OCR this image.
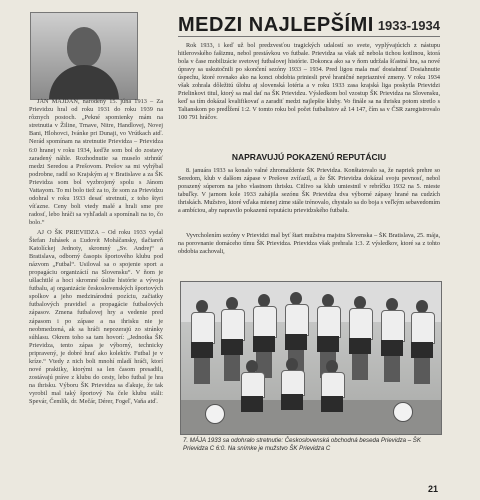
JÁN MAJDAN, narodený 15. júna 1913 – Za Prievidzu hral od roku 1931 do roku 1939 na rôznych postoch. „Pekné spomienky mám na stretnutia v Žiline, Trnave, Nitre, Handlovej, Novej Bani, Hlohovci, Ivánke pri Dunaji, vo Vrútkach atď. Nerád spomínam na stretnutie Prievidza – Prievidza 6:0 hranej v roku 1934, keďže som bol do zostavy zaradený náhle. Rozhodnutie sa muselo strhnúť medzi Seredou a Prešovom. Prešov sa mi vyhýbal podrobne, radil so Krajským aj v Bratislave a za ŠK Prievidza som bol vyzbrojený spolu s Jánom Vattayom. To mi bolo tiež za to, že som za Prievidzu odohral v roku 1933 desať stretnutí, z toho štyri víťazne. Ceny boli vtedy malé a hrali sme pre radosť, lebo hráči sa vyhľadali a spomínali na to, čo bolo.“

AJ O ŠK PRIEVIDZA – Od roku 1933 vydal Štefan Juhásek a Ľudovít Moháčansky, tlačiareň Katolíckej Jednoty, skromný „Sv. Andrej“ a Bratislava, odborný časopis športového klubu pod názvom „Futbal“. Usiloval sa o spojenie sport a propagáciu organizácií na Slovensku“. V ňom je ušlachtilé a hoci skromné úsilie histórie a vývoja futbalu, aj organizácie československých športových spolkov a jeho medzinárodnú pozíciu, začiatky futbalových pravidiel a propagácie futbalových zápasov. Zmena futbalovej hry a vedenie pred zápasom i po zápase a na ihrisku nie je neobmedzená, ak sa hráči nepozerajú zo stránky súhlasu. Okrem toho sa tam hovorí: „Jednotka ŠK Prievidza, tento zápas je výborný, technicky pripravený, je dobré hrať ako kolektív. Futbal je v kríze.“ Vtedy z nich boli mnohí mladí hráči, ktorí nové praktiky, ktorými sa len časom presadili, zostávajú práve z klubu do cesty, lebo futbal je hra na ihrisku. Výboru ŠK Prievidza sa ďakuje, že tak vyrobil mal taký športový Na čele klubu stáli: Spevár, Čemlík, dr. Mečár, Dérer, Fogeľ, Vaňa atď.

MEDZI NAJLEPŠÍMI 1933-1934

Rok 1933, i keď už bol predzvesťou tragických udalostí so svete, vyplývajúcich z nástupu hitlerovského fašizmu, nebol prestávkou vo futbale. Prievidza sa však už nebola tichou kotlinou, ktorá bola v čase mobilizácie svetovej futbalovej histórie. Dokonca ako sa v ňom udržala šťastná hra, sa nové úpravy sa uskutočnili po skončení sezóny 1933 – 1934. Pred ligou mala mať dosiahnuť Dosiahnutie úspechu, ktoré rovnako ako na konci obdobia priniesli prvé hraničné nepriaznivé zmeny. V roku 1934 však zohrala dôležitú úlohu aj slovenská lotéria a v roku 1933 zasa krajská liga poskytla Prievidzi Prielinkovi titul, ktorý sa mal dať na ŠK Prievidzu. Výsledkom bol vzostup ŠK Prievidza na Slovensku, keď sa tím dokázal kvalifikovať a zaradiť medzi najlepšie kluby. Vo finále sa na ihrisku potom stretlo s Talianskom po predĺžení 1:2. V tomto roku bol počet futbalistov až 14 147, čím sa v ČSR zaregistrovalo 100 791 hráčov.

NAPRAVUJÚ POKAZENÚ REPUTÁCIU

8. januára 1933 sa konalo valné zhromaždenie ŠK Prievidza. Konštatovalo sa, že napriek prehre so Seredom, klub v dalšom zápase v Prešove zvíťazil, a že ŠK Prievidza dokázal svoju pevnosť, nebol porazený súperom na jeho vlastnom ihrisku. Citlivo sa klub umiestnil v rebríčku 1932 na 5. mieste tabuľky. V jarnom kole 1933 zahájila sezónu ŠK Prievidza dva výborné zápasy hrané na cudzích ihriskách. Mužstvo, ktoré vďaka mienej zime stále trénovalo, chystalo sa do boja s veľkým sebavedomím a ambíciou, aby napravilo pokazenú reputáciu prievidzského futbalu.

Vyvrcholením sezóny v Prievidzi mal byť štart mužstva majstra Slovenska – ŠK Bratislava, 25. mája, na porovnanie domáceho tímu ŠK Prievidza. Prievidza však prehrala 1:3. Z výsledkov, ktoré sa z tohto obdobia zachovali,

7. MÁJA 1933 sa odohralo stretnutie: Československá obchodná beseda Prievidza – ŠK Prievidza C 6:0. Na snímke je mužstvo ŠK Prievidza C
21
